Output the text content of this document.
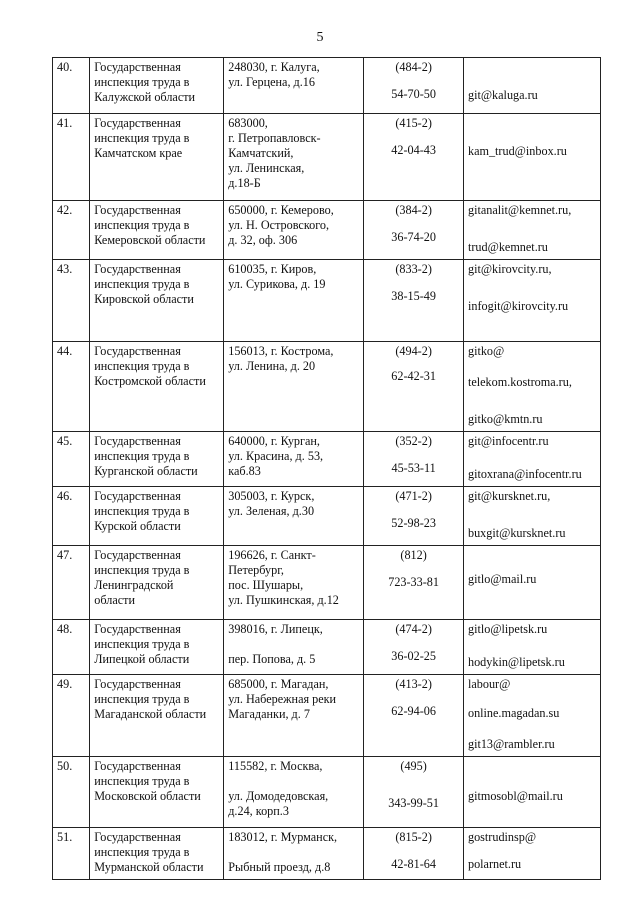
5
40.	Государственная
инспекция труда в
Калужской области	248030, г. Калуга,
ул. Герцена, д.16	(484-2)
54-70-50	git@kaluga.ru

41.	Государственная
инспекция труда в
Камчатском крае	683000,
г. Петропавловск-
Камчатский,
ул. Ленинская,
д.18-Б	(415-2)
42-04-43	kam_trud@inbox.ru

42.	Государственная
инспекция труда в
Кемеровской области	650000, г. Кемерово,
ул. Н. Островского,
д. 32, оф. 306	(384-2)
36-74-20	gitanalit@kemnet.ru,
trud@kemnet.ru

43.	Государственная
инспекция труда в
Кировской области	610035, г. Киров,
ул. Сурикова, д. 19	(833-2)
38-15-49	git@kirovcity.ru,
infogit@kirovcity.ru

44.	Государственная
инспекция труда в
Костромской области	156013, г. Кострома,
ул. Ленина, д. 20	(494-2)
62-42-31	gitko@
telekom.kostroma.ru,
gitko@kmtn.ru

45.	Государственная
инспекция труда в
Курганской области	640000, г. Курган,
ул. Красина, д. 53,
каб.83	(352-2)
45-53-11	git@infocentr.ru
gitoxrana@infocentr.ru

46.	Государственная
инспекция труда в
Курской области	305003, г. Курск,
ул. Зеленая, д.30	(471-2)
52-98-23	git@kursknet.ru,
buxgit@kursknet.ru

47.	Государственная
инспекция труда в
Ленинградской
области	196626, г. Санкт-
Петербург,
пос. Шушары,
ул. Пушкинская, д.12	(812)
723-33-81	gitlo@mail.ru

48.	Государственная
инспекция труда в
Липецкой области	398016, г. Липецк,

пер. Попова, д. 5	(474-2)
36-02-25	gitlo@lipetsk.ru
hodykin@lipetsk.ru

49.	Государственная
инспекция труда в
Магаданской области	685000, г. Магадан,
ул. Набережная реки
Магаданки, д. 7	(413-2)
62-94-06	labour@
online.magadan.su
git13@rambler.ru

50.	Государственная
инспекция труда в
Московской области	115582, г. Москва,

ул. Домодедовская,
д.24, корп.3	(495)
343-99-51	gitmosobl@mail.ru

51.	Государственная
инспекция труда в
Мурманской области	183012, г. Мурманск,

Рыбный проезд, д.8	(815-2)
42-81-64	gostrudinsp@
polarnet.ru
